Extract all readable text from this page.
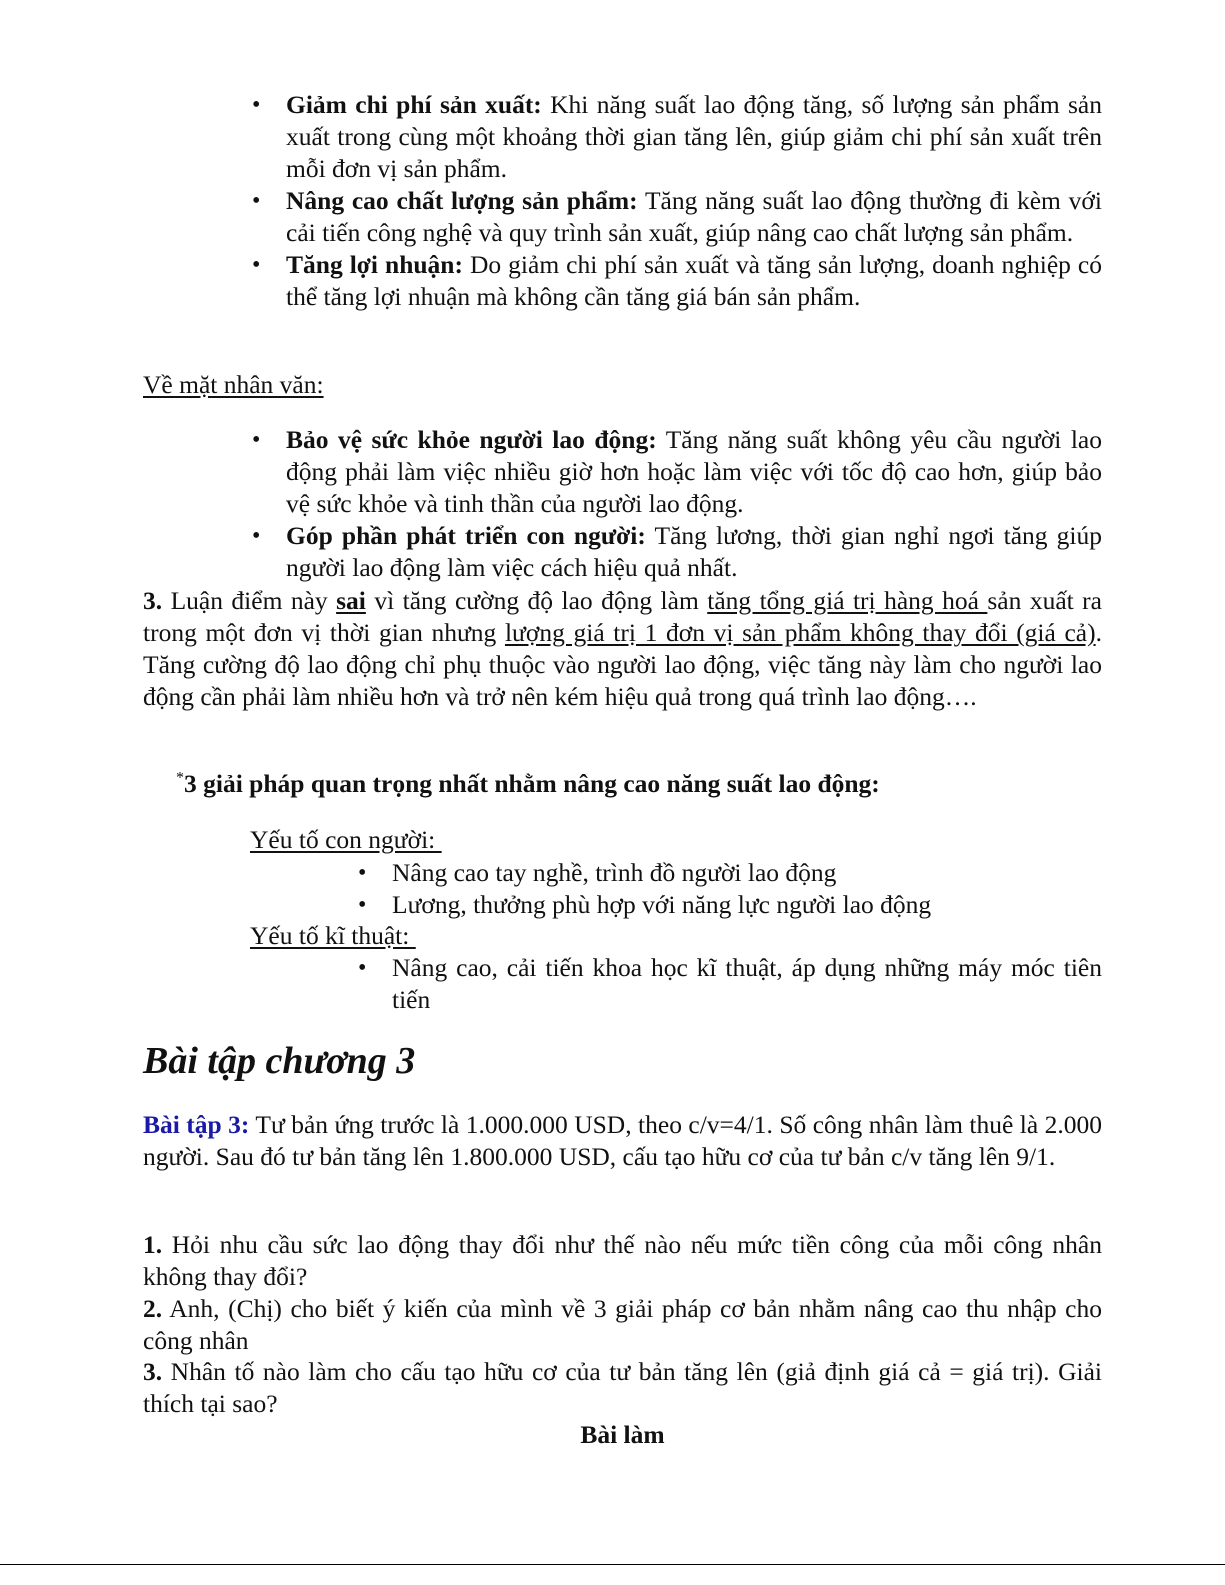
• Giảm chi phí sản xuất: Khi năng suất lao động tăng, số lượng sản phẩm sản xuất trong cùng một khoảng thời gian tăng lên, giúp giảm chi phí sản xuất trên mỗi đơn vị sản phẩm.
• Nâng cao chất lượng sản phẩm: Tăng năng suất lao động thường đi kèm với cải tiến công nghệ và quy trình sản xuất, giúp nâng cao chất lượng sản phẩm.
• Tăng lợi nhuận: Do giảm chi phí sản xuất và tăng sản lượng, doanh nghiệp có thể tăng lợi nhuận mà không cần tăng giá bán sản phẩm.

Về mặt nhân văn:

• Bảo vệ sức khỏe người lao động: Tăng năng suất không yêu cầu người lao động phải làm việc nhiều giờ hơn hoặc làm việc với tốc độ cao hơn, giúp bảo vệ sức khỏe và tinh thần của người lao động.
• Góp phần phát triển con người: Tăng lương, thời gian nghỉ ngơi tăng giúp người lao động làm việc cách hiệu quả nhất.

3. Luận điểm này sai vì tăng cường độ lao động làm tăng tổng giá trị hàng hoá sản xuất ra trong một đơn vị thời gian nhưng lượng giá trị 1 đơn vị sản phẩm không thay đổi (giá cả). Tăng cường độ lao động chỉ phụ thuộc vào người lao động, việc tăng này làm cho người lao động cần phải làm nhiều hơn và trở nên kém hiệu quả trong quá trình lao động….

*3 giải pháp quan trọng nhất nhằm nâng cao năng suất lao động:

Yếu tố con người:

• Nâng cao tay nghề, trình đồ người lao động
• Lương, thưởng phù hợp với năng lực người lao động

Yếu tố kĩ thuật:

• Nâng cao, cải tiến khoa học kĩ thuật, áp dụng những máy móc tiên tiến
Bài tập chương 3

Bài tập 3: Tư bản ứng trước là 1.000.000 USD, theo c/v=4/1. Số công nhân làm thuê là 2.000 người. Sau đó tư bản tăng lên 1.800.000 USD, cấu tạo hữu cơ của tư bản c/v tăng lên 9/1.

1. Hỏi nhu cầu sức lao động thay đổi như thế nào nếu mức tiền công của mỗi công nhân không thay đổi?

2. Anh, (Chị) cho biết ý kiến của mình về 3 giải pháp cơ bản nhằm nâng cao thu nhập cho công nhân

3. Nhân tố nào làm cho cấu tạo hữu cơ của tư bản tăng lên (giả định giá cả = giá trị). Giải thích tại sao?

Bài làm
